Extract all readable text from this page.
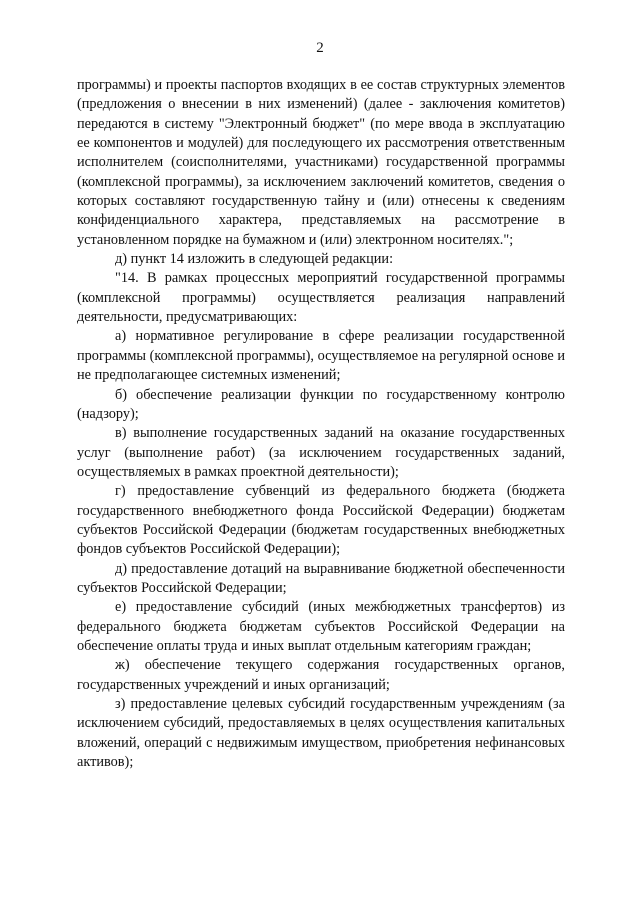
2

программы) и проекты паспортов входящих в ее состав структурных элементов (предложения о внесении в них изменений) (далее - заключения комитетов) передаются в систему "Электронный бюджет" (по мере ввода в эксплуатацию ее компонентов и модулей) для последующего их рассмотрения ответственным исполнителем (соисполнителями, участниками) государственной программы (комплексной программы), за исключением заключений комитетов, сведения о которых составляют государственную тайну и (или) отнесены к сведениям конфиденциального характера, представляемых на рассмотрение в установленном порядке на бумажном и (или) электронном носителях.";

д) пункт 14 изложить в следующей редакции:

"14. В рамках процессных мероприятий государственной программы (комплексной программы) осуществляется реализация направлений деятельности, предусматривающих:

а) нормативное регулирование в сфере реализации государственной программы (комплексной программы), осуществляемое на регулярной основе и не предполагающее системных изменений;

б) обеспечение реализации функции по государственному контролю (надзору);

в) выполнение государственных заданий на оказание государственных услуг (выполнение работ) (за исключением государственных заданий, осуществляемых в рамках проектной деятельности);

г) предоставление субвенций из федерального бюджета (бюджета государственного внебюджетного фонда Российской Федерации) бюджетам субъектов Российской Федерации (бюджетам государственных внебюджетных фондов субъектов Российской Федерации);

д) предоставление дотаций на выравнивание бюджетной обеспеченности субъектов Российской Федерации;

е) предоставление субсидий (иных межбюджетных трансфертов) из федерального бюджета бюджетам субъектов Российской Федерации на обеспечение оплаты труда и иных выплат отдельным категориям граждан;

ж) обеспечение текущего содержания государственных органов, государственных учреждений и иных организаций;

з) предоставление целевых субсидий государственным учреждениям (за исключением субсидий, предоставляемых в целях осуществления капитальных вложений, операций с недвижимым имуществом, приобретения нефинансовых активов);
